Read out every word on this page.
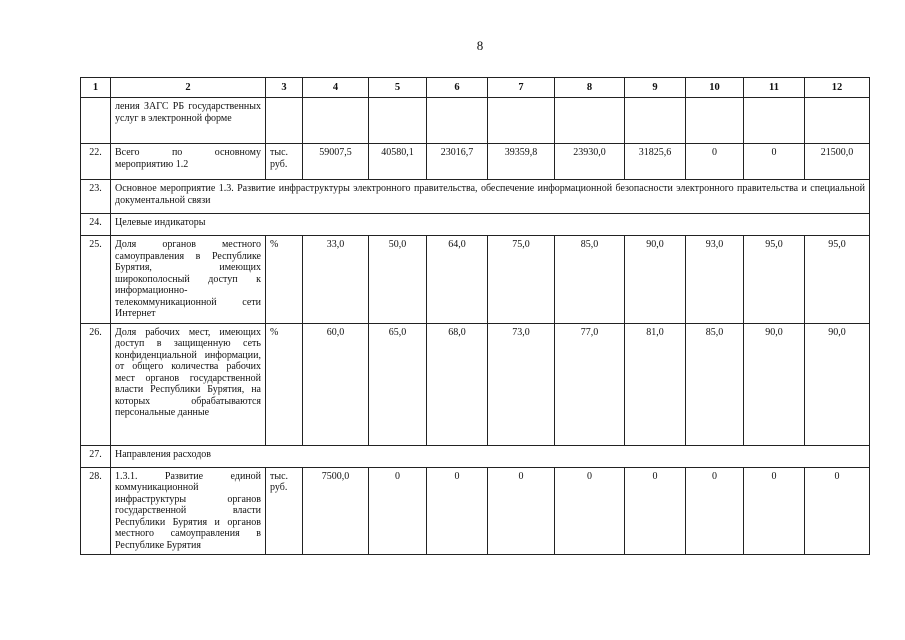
8
1	2	3	4	5	6	7	8	9	10	11	12
	ления ЗАГС РБ государственных услуг в электронной форме										
22.	Всего по основному мероприятию 1.2	тыс. руб.	59007,5	40580,1	23016,7	39359,8	23930,0	31825,6	0	0	21500,0
23.	Основное мероприятие 1.3. Развитие инфраструктуры электронного правительства, обеспечение информационной безопасности электронного правительства и специальной документальной связи										
24.	Целевые индикаторы										
25.	Доля органов местного самоуправления в Республике Бурятия, имеющих широкополосный доступ к информационно-телекоммуникационной сети Интернет	%	33,0	50,0	64,0	75,0	85,0	90,0	93,0	95,0	95,0
26.	Доля рабочих мест, имеющих доступ в защищенную сеть конфиденциальной информации, от общего количества рабочих мест органов государственной власти Республики Бурятия, на которых обрабатываются персональные данные	%	60,0	65,0	68,0	73,0	77,0	81,0	85,0	90,0	90,0
27.	Направления расходов										
28.	1.3.1. Развитие единой коммуникационной инфраструктуры органов государственной власти Республики Бурятия и органов местного самоуправления в Республике Бурятия	тыс. руб.	7500,0	0	0	0	0	0	0	0	0
